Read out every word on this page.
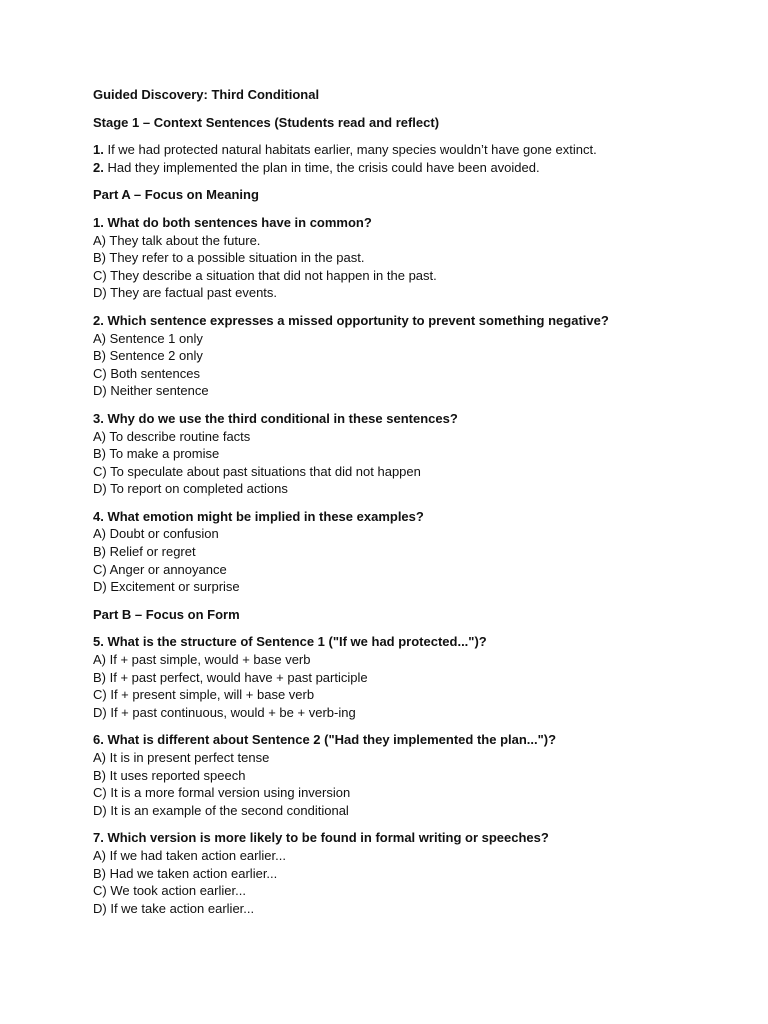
Guided Discovery: Third Conditional
Stage 1 – Context Sentences (Students read and reflect)
1. If we had protected natural habitats earlier, many species wouldn’t have gone extinct.
2. Had they implemented the plan in time, the crisis could have been avoided.
Part A – Focus on Meaning
1. What do both sentences have in common?
A) They talk about the future.
B) They refer to a possible situation in the past.
C) They describe a situation that did not happen in the past.
D) They are factual past events.
2. Which sentence expresses a missed opportunity to prevent something negative?
A) Sentence 1 only
B) Sentence 2 only
C) Both sentences
D) Neither sentence
3. Why do we use the third conditional in these sentences?
A) To describe routine facts
B) To make a promise
C) To speculate about past situations that did not happen
D) To report on completed actions
4. What emotion might be implied in these examples?
A) Doubt or confusion
B) Relief or regret
C) Anger or annoyance
D) Excitement or surprise
Part B – Focus on Form
5. What is the structure of Sentence 1 ("If we had protected...")?
A) If + past simple, would + base verb
B) If + past perfect, would have + past participle
C) If + present simple, will + base verb
D) If + past continuous, would + be + verb-ing
6. What is different about Sentence 2 ("Had they implemented the plan...")?
A) It is in present perfect tense
B) It uses reported speech
C) It is a more formal version using inversion
D) It is an example of the second conditional
7. Which version is more likely to be found in formal writing or speeches?
A) If we had taken action earlier...
B) Had we taken action earlier...
C) We took action earlier...
D) If we take action earlier...
